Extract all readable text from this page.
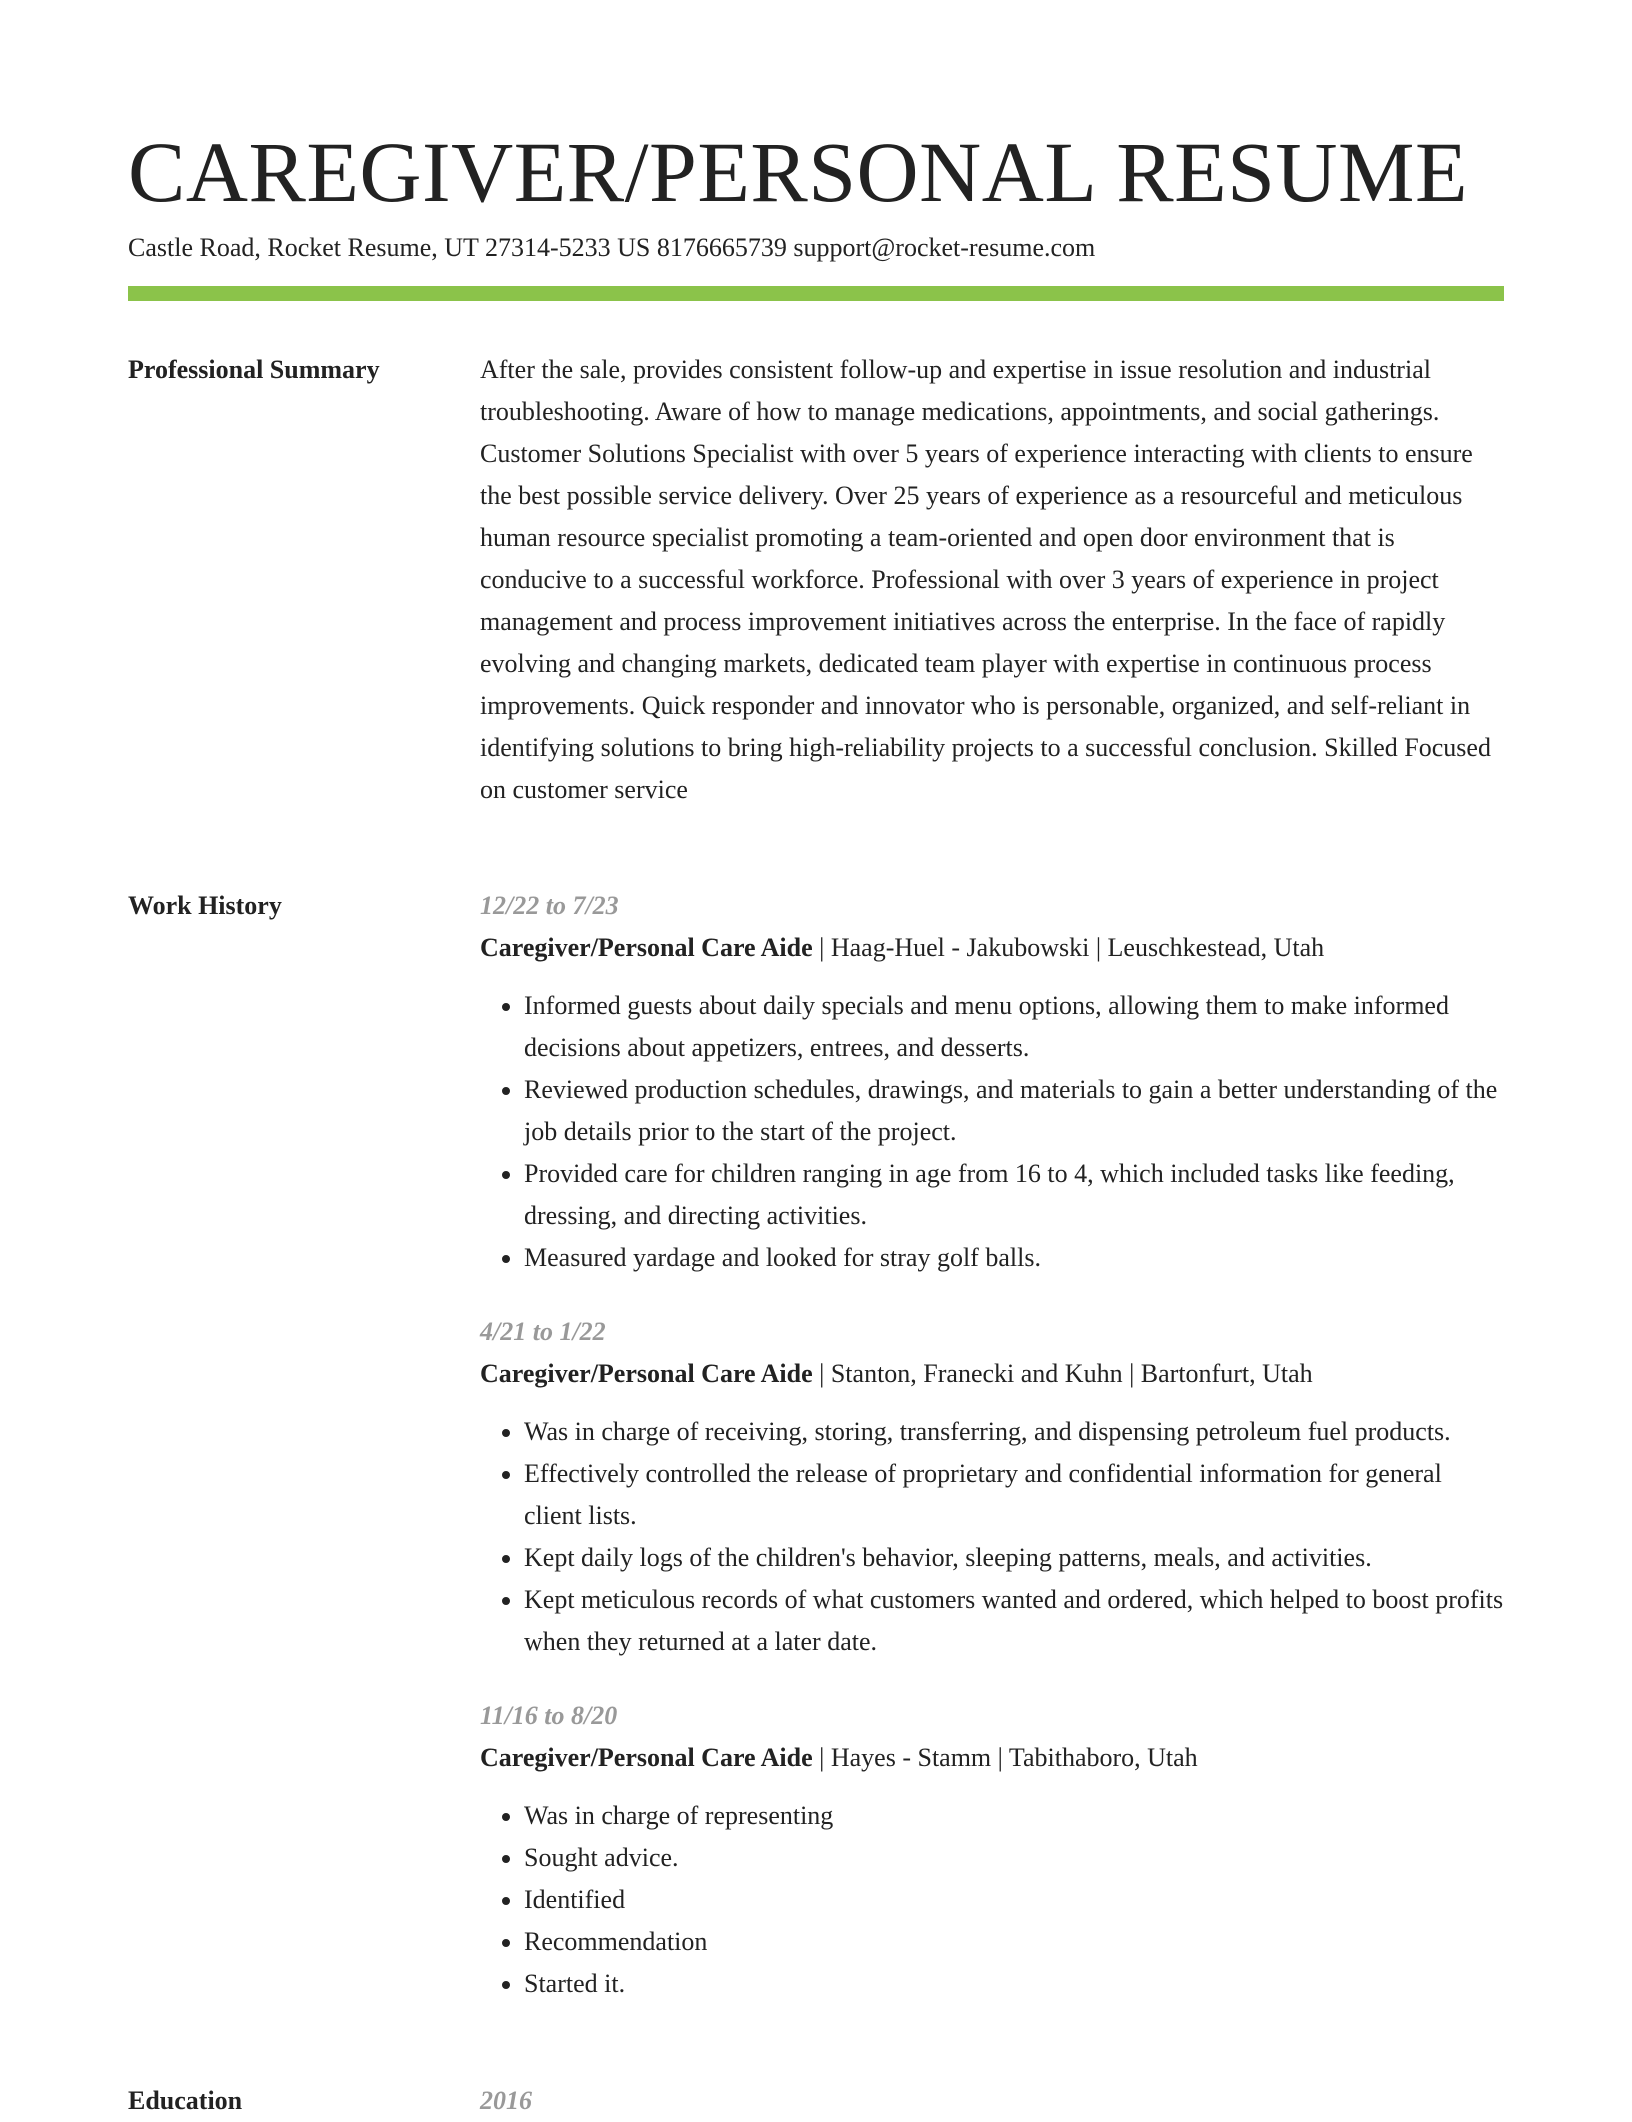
CAREGIVER/PERSONAL RESUME
Castle Road, Rocket Resume, UT 27314-5233 US 8176665739 support@rocket-resume.com
Professional Summary	After the sale, provides consistent follow-up and expertise in issue resolution and industrial troubleshooting. Aware of how to manage medications, appointments, and social gatherings. Customer Solutions Specialist with over 5 years of experience interacting with clients to ensure the best possible service delivery. Over 25 years of experience as a resourceful and meticulous human resource specialist promoting a team-oriented and open door environment that is conducive to a successful workforce. Professional with over 3 years of experience in project management and process improvement initiatives across the enterprise. In the face of rapidly evolving and changing markets, dedicated team player with expertise in continuous process improvements. Quick responder and innovator who is personable, organized, and self-reliant in identifying solutions to bring high-reliability projects to a successful conclusion. Skilled Focused on customer service

Work History	12/22 to 7/23
Caregiver/Personal Care Aide | Haag-Huel - Jakubowski | Leuschkestead, Utah
• Informed guests about daily specials and menu options, allowing them to make informed decisions about appetizers, entrees, and desserts.
• Reviewed production schedules, drawings, and materials to gain a better understanding of the job details prior to the start of the project.
• Provided care for children ranging in age from 16 to 4, which included tasks like feeding, dressing, and directing activities.
• Measured yardage and looked for stray golf balls.
4/21 to 1/22
Caregiver/Personal Care Aide | Stanton, Franecki and Kuhn | Bartonfurt, Utah
• Was in charge of receiving, storing, transferring, and dispensing petroleum fuel products.
• Effectively controlled the release of proprietary and confidential information for general client lists.
• Kept daily logs of the children's behavior, sleeping patterns, meals, and activities.
• Kept meticulous records of what customers wanted and ordered, which helped to boost profits when they returned at a later date.
11/16 to 8/20
Caregiver/Personal Care Aide | Hayes - Stamm | Tabithaboro, Utah
• Was in charge of representing
• Sought advice.
• Identified
• Recommendation
• Started it.
Education	2016
